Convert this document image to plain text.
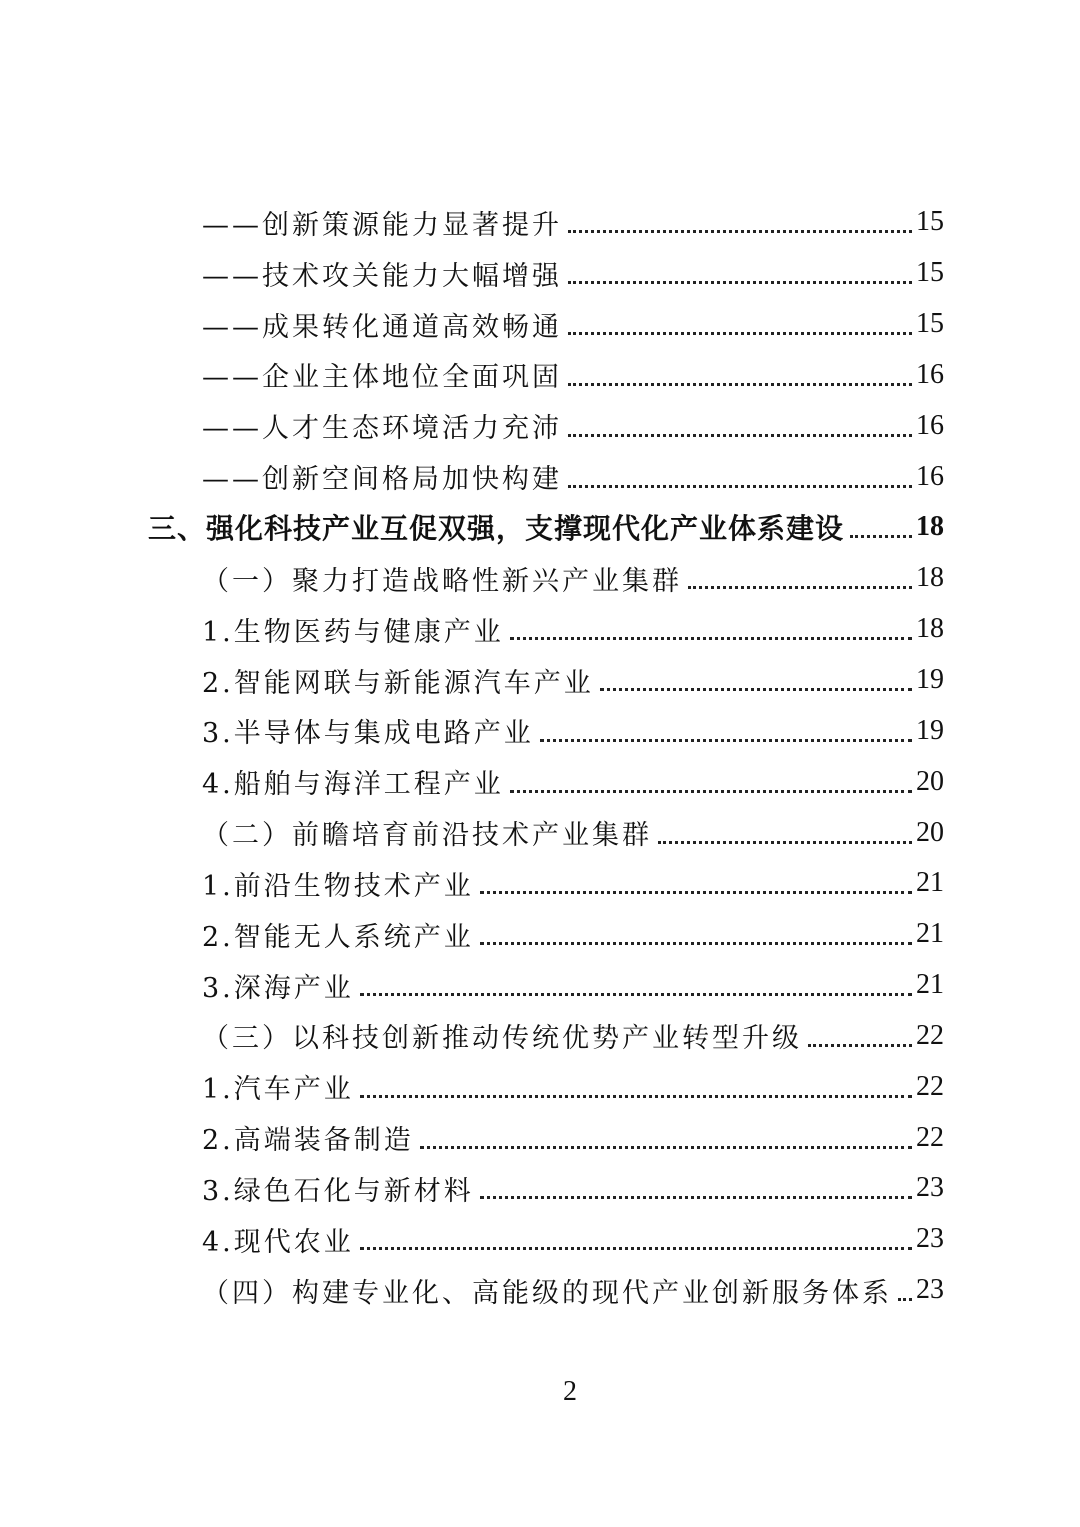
——创新策源能力显著提升	15
——技术攻关能力大幅增强	15
——成果转化通道高效畅通	15
——企业主体地位全面巩固	16
——人才生态环境活力充沛	16
——创新空间格局加快构建	16
三、强化科技产业互促双强，支撑现代化产业体系建设	18
（一）聚力打造战略性新兴产业集群	18
1.生物医药与健康产业	18
2.智能网联与新能源汽车产业	19
3.半导体与集成电路产业	19
4.船舶与海洋工程产业	20
（二）前瞻培育前沿技术产业集群	20
1.前沿生物技术产业	21
2.智能无人系统产业	21
3.深海产业	21
（三）以科技创新推动传统优势产业转型升级	22
1.汽车产业	22
2.高端装备制造	22
3.绿色石化与新材料	23
4.现代农业	23
（四）构建专业化、高能级的现代产业创新服务体系 23
2
